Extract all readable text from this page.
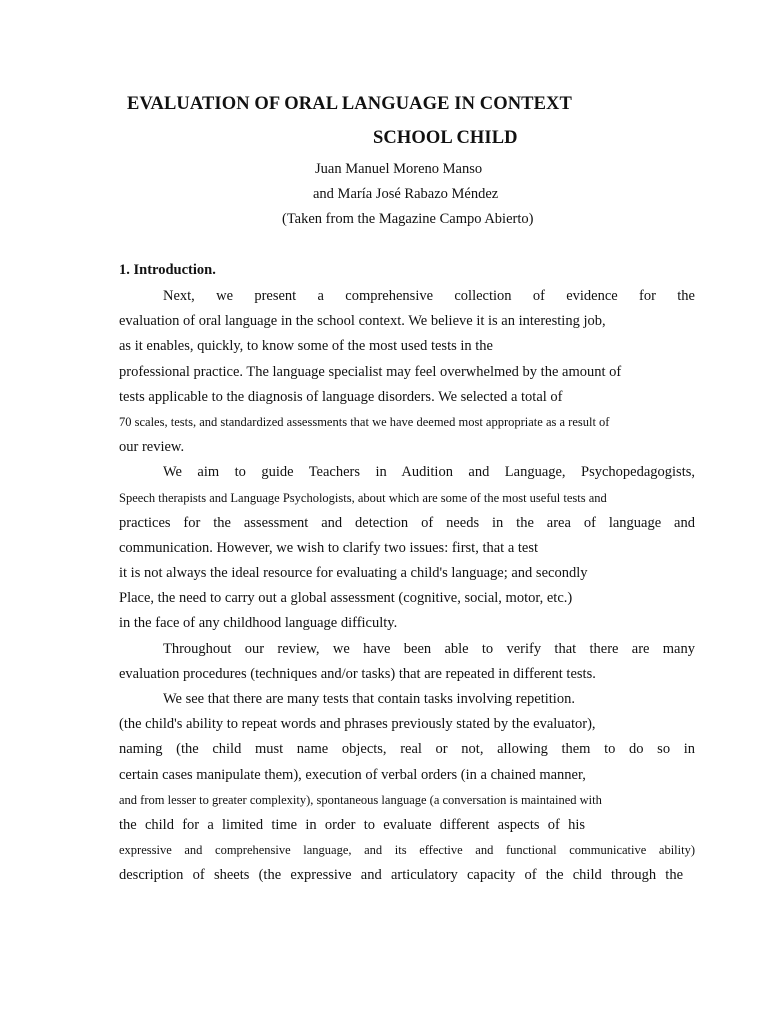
EVALUATION OF ORAL LANGUAGE IN CONTEXT
SCHOOL CHILD
Juan Manuel Moreno Manso
and María José Rabazo Méndez
(Taken from the Magazine Campo Abierto)
1. Introduction.
Next, we present a comprehensive collection of evidence for the
evaluation of oral language in the school context. We believe it is an interesting job,
as it enables, quickly, to know some of the most used tests in the
professional practice. The language specialist may feel overwhelmed by the amount of
tests applicable to the diagnosis of language disorders. We selected a total of
70 scales, tests, and standardized assessments that we have deemed most appropriate as a result of
our review.
We aim to guide Teachers in Audition and Language, Psychopedagogists,
Speech therapists and Language Psychologists, about which are some of the most useful tests and
practices for the assessment and detection of needs in the area of language and
communication. However, we wish to clarify two issues: first, that a test
it is not always the ideal resource for evaluating a child's language; and secondly
Place, the need to carry out a global assessment (cognitive, social, motor, etc.)
in the face of any childhood language difficulty.
Throughout our review, we have been able to verify that there are many
evaluation procedures (techniques and/or tasks) that are repeated in different tests.
We see that there are many tests that contain tasks involving repetition.
(the child's ability to repeat words and phrases previously stated by the evaluator),
naming (the child must name objects, real or not, allowing them to do so in
certain cases manipulate them), execution of verbal orders (in a chained manner,
and from lesser to greater complexity), spontaneous language (a conversation is maintained with
the child for a limited time in order to evaluate different aspects of his
expressive and comprehensive language, and its effective and functional communicative ability)
description of sheets (the expressive and articulatory capacity of the child through the
